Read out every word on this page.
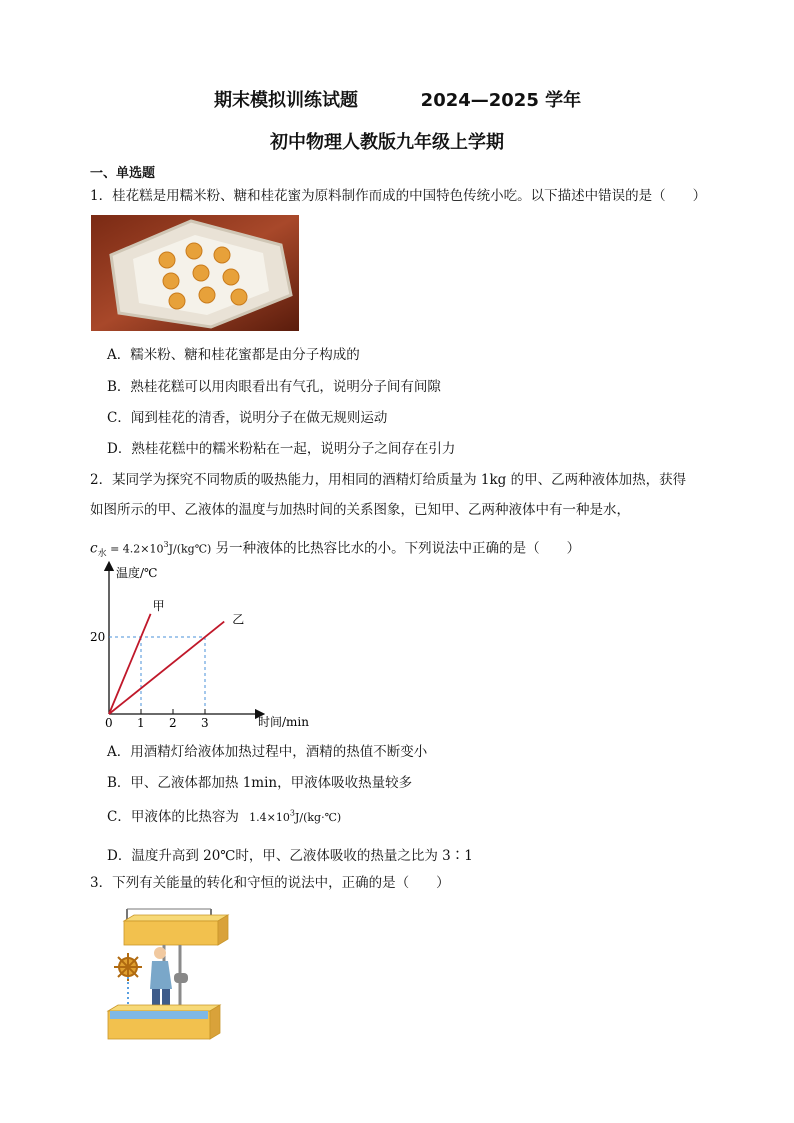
期末模拟训练试题          2024—2025 学年
初中物理人教版九年级上学期
一、单选题
1．桂花糕是用糯米粉、糖和桂花蜜为原料制作而成的中国特色传统小吃。以下描述中错误的是（　　）
A．糯米粉、糖和桂花蜜都是由分子构成的
B．熟桂花糕可以用肉眼看出有气孔，说明分子间有间隙
C．闻到桂花的清香，说明分子在做无规则运动
D．熟桂花糕中的糯米粉粘在一起，说明分子之间存在引力
2．某同学为探究不同物质的吸热能力，用相同的酒精灯给质量为 1kg 的甲、乙两种液体加热，获得
如图所示的甲、乙液体的温度与加热时间的关系图象，已知甲、乙两种液体中有一种是水，
$c_水$ = $4.2\times 10^3J/(kg℃)$ 另一种液体的比热容比水的小。下列说法中正确的是（　　）
温度/℃
时间/min
甲
乙
0 1 2 3
20
A．用酒精灯给液体加热过程中，酒精的热值不断变小
B．甲、乙液体都加热 1min，甲液体吸收热量较多
C．甲液体的比热容为 $1.4\times 10^3J/(kg\cdot℃)$
D．温度升高到 20℃时，甲、乙液体吸收的热量之比为 3∶1
3．下列有关能量的转化和守恒的说法中，正确的是（　　）
